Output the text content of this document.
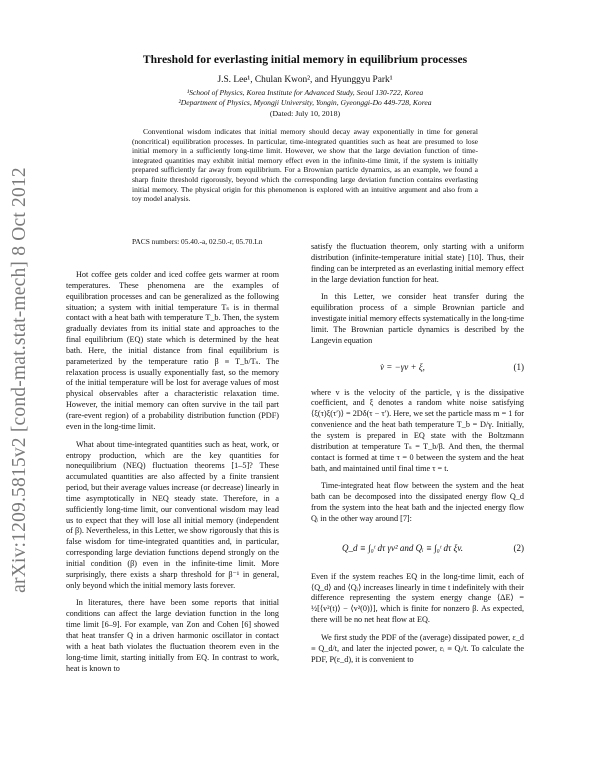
arXiv:1209.5815v2 [cond-mat.stat-mech] 8 Oct 2012
Threshold for everlasting initial memory in equilibrium processes
J.S. Lee¹, Chulan Kwon², and Hyunggyu Park¹
¹School of Physics, Korea Institute for Advanced Study, Seoul 130-722, Korea
²Department of Physics, Myongji University, Yongin, Gyeonggi-Do 449-728, Korea
(Dated: July 10, 2018)
Conventional wisdom indicates that initial memory should decay away exponentially in time for general (noncritical) equilibration processes. In particular, time-integrated quantities such as heat are presumed to lose initial memory in a sufficiently long-time limit. However, we show that the large deviation function of time-integrated quantities may exhibit initial memory effect even in the infinite-time limit, if the system is initially prepared sufficiently far away from equilibrium. For a Brownian particle dynamics, as an example, we found a sharp finite threshold rigorously, beyond which the corresponding large deviation function contains everlasting initial memory. The physical origin for this phenomenon is explored with an intuitive argument and also from a toy model analysis.
PACS numbers: 05.40.-a, 02.50.-r, 05.70.Ln

Hot coffee gets colder and iced coffee gets warmer at room temperatures. These phenomena are the examples of equilibration processes and can be generalized as the following situation; a system with initial temperature Tₛ is in thermal contact with a heat bath with temperature T_b. Then, the system gradually deviates from its initial state and approaches to the final equilibrium (EQ) state which is determined by the heat bath. Here, the initial distance from final equilibrium is parameterized by the temperature ratio β ≡ T_b/Tₛ. The relaxation process is usually exponentially fast, so the memory of the initial temperature will be lost for average values of most physical observables after a characteristic relaxation time. However, the initial memory can often survive in the tail part (rare-event region) of a probability distribution function (PDF) even in the long-time limit.

What about time-integrated quantities such as heat, work, or entropy production, which are the key quantities for nonequilibrium (NEQ) fluctuation theorems [1–5]? These accumulated quantities are also affected by a finite transient period, but their average values increase (or decrease) linearly in time asymptotically in NEQ steady state. Therefore, in a sufficiently long-time limit, our conventional wisdom may lead us to expect that they will lose all initial memory (independent of β). Nevertheless, in this Letter, we show rigorously that this is false wisdom for time-integrated quantities and, in particular, corresponding large deviation functions depend strongly on the initial condition (β) even in the infinite-time limit. More surprisingly, there exists a sharp threshold for β⁻¹ in general, only beyond which the initial memory lasts forever.

In literatures, there have been some reports that initial conditions can affect the large deviation function in the long time limit [6–9]. For example, van Zon and Cohen [6] showed that heat transfer Q in a driven harmonic oscillator in contact with a heat bath violates the fluctuation theorem even in the long-time limit, starting initially from EQ. In contrast to work, heat is known to

satisfy the fluctuation theorem, only starting with a uniform distribution (infinite-temperature initial state) [10]. Thus, their finding can be interpreted as an everlasting initial memory effect in the large deviation function for heat.

In this Letter, we consider heat transfer during the equilibration process of a simple Brownian particle and investigate initial memory effects systematically in the long-time limit. The Brownian particle dynamics is described by the Langevin equation

v̇ = −γv + ξ,	(1)

where v is the velocity of the particle, γ is the dissipative coefficient, and ξ denotes a random white noise satisfying ⟨ξ(τ)ξ(τ′)⟩ = 2Dδ(τ − τ′). Here, we set the particle mass m = 1 for convenience and the heat bath temperature T_b = D/γ. Initially, the system is prepared in EQ state with the Boltzmann distribution at temperature Tₛ = T_b/β. And then, the thermal contact is formed at time τ = 0 between the system and the heat bath, and maintained until final time τ = t.

Time-integrated heat flow between the system and the heat bath can be decomposed into the dissipated energy flow Q_d from the system into the heat bath and the injected energy flow Qᵢ in the other way around [7]:

Q_d ≡ ∫₀ᵗ dτ γv² and Qᵢ ≡ ∫₀ᵗ dτ ξv.	(2)

Even if the system reaches EQ in the long-time limit, each of ⟨Q_d⟩ and ⟨Qᵢ⟩ increases linearly in time t indefinitely with their difference representing the system energy change ⟨ΔE⟩ = ½[⟨v²(t)⟩ − ⟨v²(0)⟩], which is finite for nonzero β. As expected, there will be no net heat flow at EQ.

We first study the PDF of the (average) dissipated power, ε_d ≡ Q_d/t, and later the injected power, εᵢ ≡ Qᵢ/t. To calculate the PDF, P(ε_d), it is convenient to
